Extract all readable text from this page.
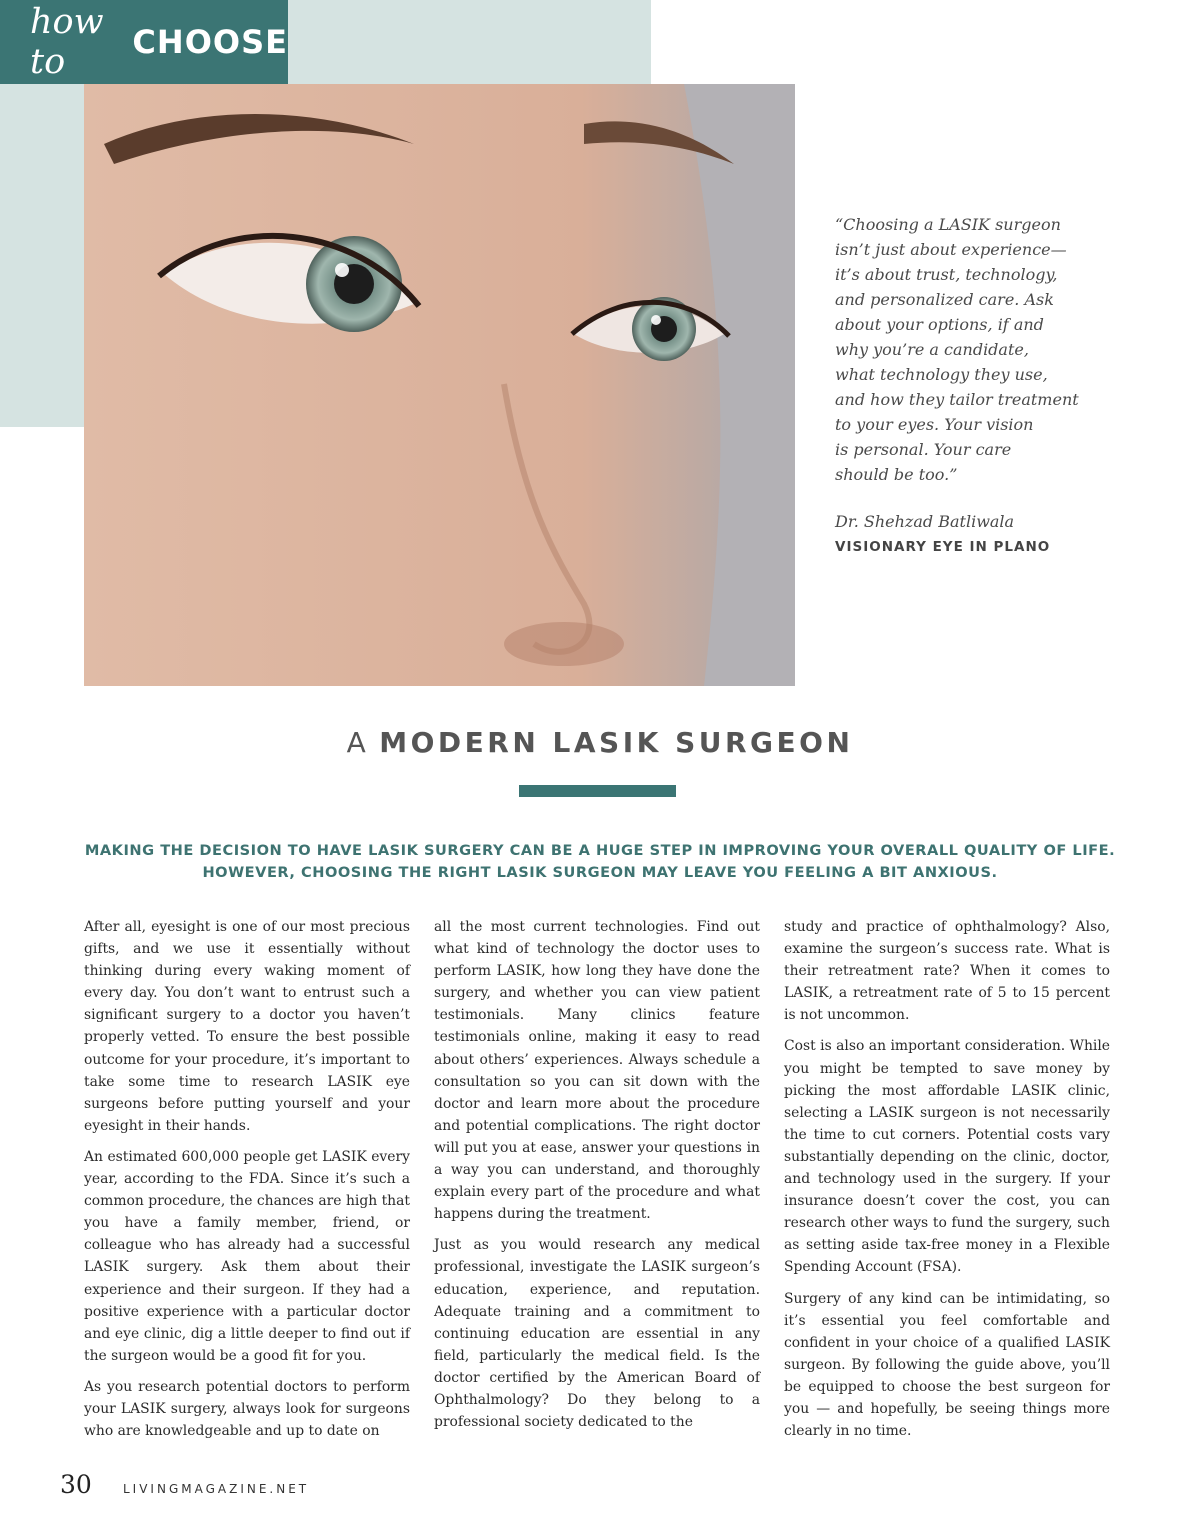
how to	CHOOSE
“Choosing a LASIK surgeon
isn’t just about experience—
it’s about trust, technology,
and personalized care. Ask
about your options, if and
why you’re a candidate,
what technology they use,
and how they tailor treatment
to your eyes. Your vision
is personal. Your care
should be too.”
Dr. Shehzad Batliwala
VISIONARY EYE IN PLANO
A MODERN LASIK SURGEON
MAKING THE DECISION TO HAVE LASIK SURGERY CAN BE A HUGE STEP IN IMPROVING YOUR OVERALL QUALITY OF LIFE.
HOWEVER, CHOOSING THE RIGHT LASIK SURGEON MAY LEAVE YOU FEELING A BIT ANXIOUS.

After all, eyesight is one of our most precious gifts, and we use it essentially without thinking during every waking moment of every day. You don’t want to entrust such a significant surgery to a doctor you haven’t properly vetted. To ensure the best possible outcome for your procedure, it’s important to take some time to research LASIK eye surgeons before putting yourself and your eyesight in their hands.

An estimated 600,000 people get LASIK every year, according to the FDA. Since it’s such a common procedure, the chances are high that you have a family member, friend, or colleague who has already had a successful LASIK surgery. Ask them about their experience and their surgeon. If they had a positive experience with a particular doctor and eye clinic, dig a little deeper to find out if the surgeon would be a good fit for you.

As you research potential doctors to perform your LASIK surgery, always look for surgeons who are knowledgeable and up to date on

all the most current technologies. Find out what kind of technology the doctor uses to perform LASIK, how long they have done the surgery, and whether you can view patient testimonials. Many clinics feature testimonials online, making it easy to read about others’ experiences. Always schedule a consultation so you can sit down with the doctor and learn more about the procedure and potential complications. The right doctor will put you at ease, answer your questions in a way you can understand, and thoroughly explain every part of the procedure and what happens during the treatment.

Just as you would research any medical professional, investigate the LASIK surgeon’s education, experience, and reputation. Adequate training and a commitment to continuing education are essential in any field, particularly the medical field. Is the doctor certified by the American Board of Ophthalmology? Do they belong to a professional society dedicated to the

study and practice of ophthalmology? Also, examine the surgeon’s success rate. What is their retreatment rate? When it comes to LASIK, a retreatment rate of 5 to 15 percent is not uncommon.

Cost is also an important consideration. While you might be tempted to save money by picking the most affordable LASIK clinic, selecting a LASIK surgeon is not necessarily the time to cut corners. Potential costs vary substantially depending on the clinic, doctor, and technology used in the surgery. If your insurance doesn’t cover the cost, you can research other ways to fund the surgery, such as setting aside tax-free money in a Flexible Spending Account (FSA).

Surgery of any kind can be intimidating, so it’s essential you feel comfortable and confident in your choice of a qualified LASIK surgeon. By following the guide above, you’ll be equipped to choose the best surgeon for you — and hopefully, be seeing things more clearly in no time.

30	LIVINGMAGAZINE.NET
